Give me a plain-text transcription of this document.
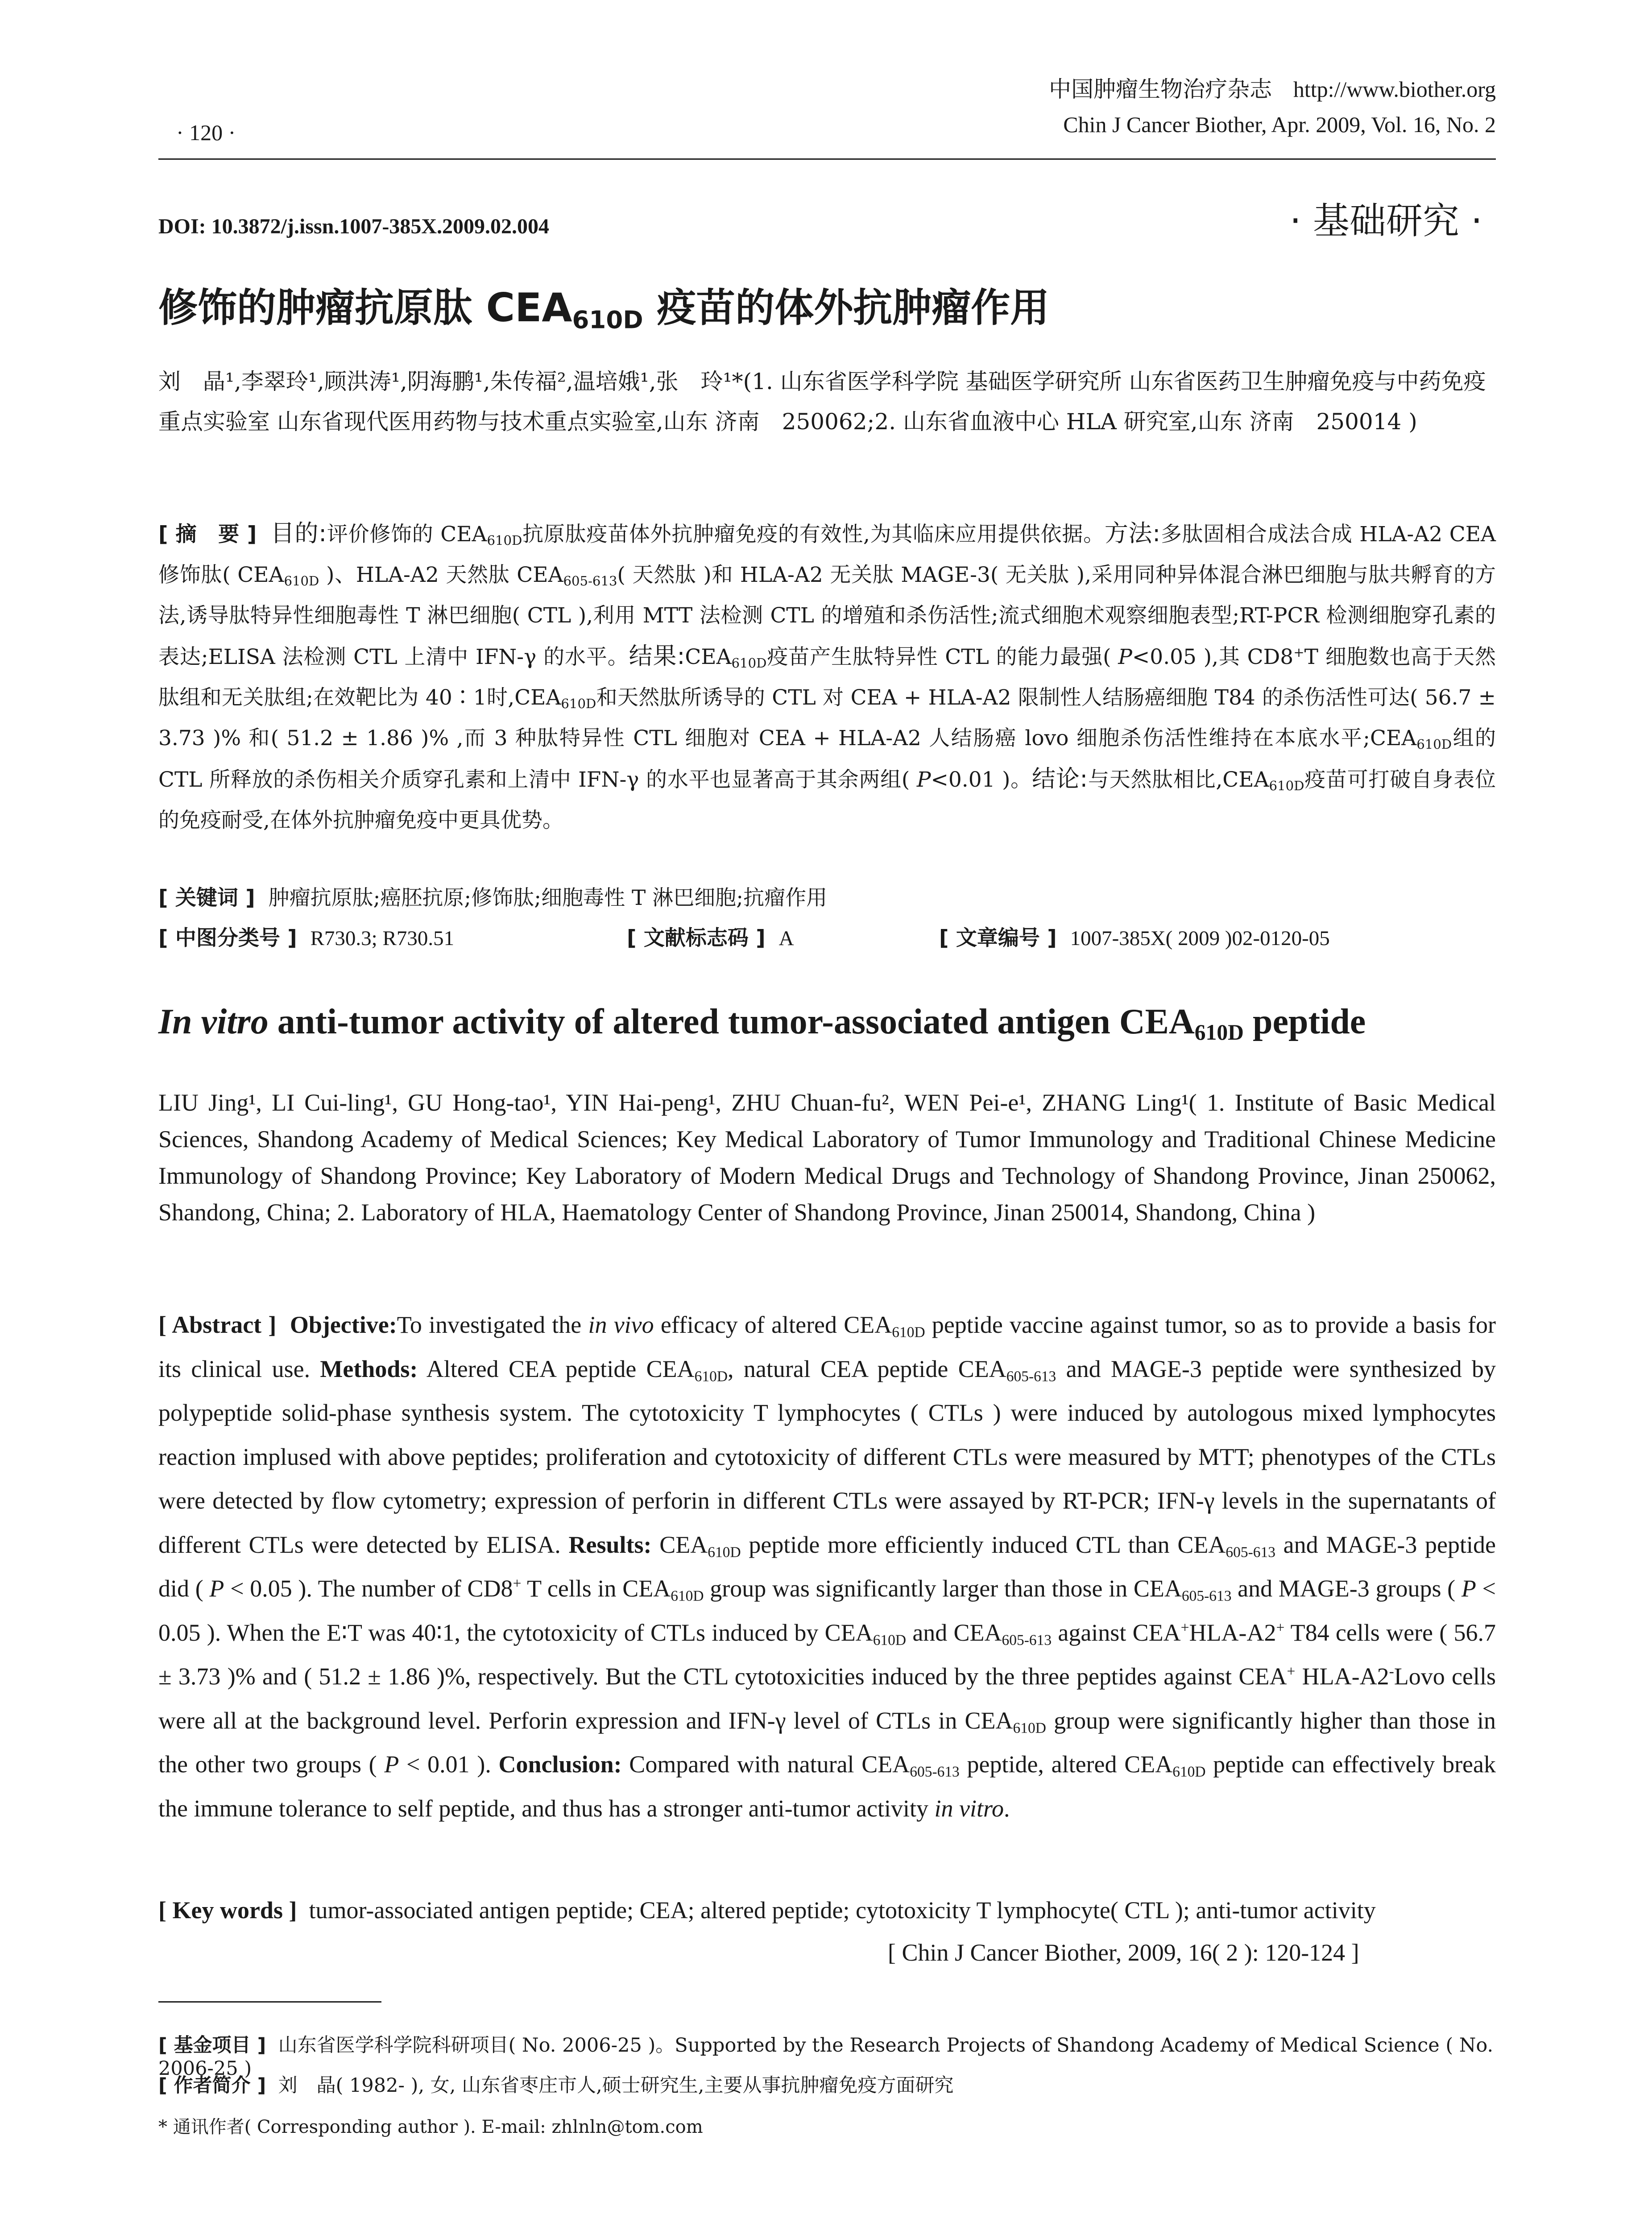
· 120 ·
中国肿瘤生物治疗杂志 http://www.biother.org
Chin J Cancer Biother, Apr. 2009, Vol. 16, No. 2
DOI: 10.3872/j.issn.1007-385X.2009.02.004	· 基础研究 ·
修饰的肿瘤抗原肽 $CEA_{610D}$ 疫苗的体外抗肿瘤作用
刘　晶¹,李翠玲¹,顾洪涛¹,阴海鹏¹,朱传福²,温培娥¹,张　玲¹*(1. 山东省医学科学院 基础医学研究所 山东省医药卫生肿瘤免疫与中药免疫重点实验室 山东省现代医用药物与技术重点实验室,山东 济南　250062;2. 山东省血液中心 HLA 研究室,山东 济南　250014 )
[ 摘　要 ] 目的:评价修饰的 $CEA_{610D}$抗原肽疫苗体外抗肿瘤免疫的有效性,为其临床应用提供依据。方法:多肽固相合成法合成 HLA-A2 CEA 修饰肽( $CEA_{610D}$ )、HLA-A2 天然肽 $CEA_{605-613}$( 天然肽 )和 HLA-A2 无关肽 MAGE-3( 无关肽 ),采用同种异体混合淋巴细胞与肽共孵育的方法,诱导肽特异性细胞毒性 T 淋巴细胞( CTL ),利用 MTT 法检测 CTL 的增殖和杀伤活性;流式细胞术观察细胞表型;RT-PCR 检测细胞穿孔素的表达;ELISA 法检测 CTL 上清中 IFN-γ 的水平。结果$:CEA_{610D}$疫苗产生肽特异性 CTL 的能力最强( P<0.05 ),其 CD8+T 细胞数也高于天然肽组和无关肽组;在效靶比为 40∶1时$,CEA_{610D}$和天然肽所诱导的 CTL 对 CEA + HLA-A2 限制性人结肠癌细胞 T84 的杀伤活性可达( 56.7 ± 3.73 )% 和( 51.2 ± 1.86 )% ,而 3 种肽特异性 CTL 细胞对 CEA + HLA-A2 人结肠癌 lovo 细胞杀伤活性维持在本底水平$;CEA_{610D}$组的 CTL 所释放的杀伤相关介质穿孔素和上清中 IFN-γ 的水平也显著高于其余两组( P<0.01 )。结论:与天然肽相比$,CEA_{610D}$疫苗可打破自身表位的免疫耐受,在体外抗肿瘤免疫中更具优势。
[ 关键词 ] 肿瘤抗原肽;癌胚抗原;修饰肽;细胞毒性 T 淋巴细胞;抗瘤作用
[ 中图分类号 ] R730.3; R730.51	[ 文献标志码 ] A	[ 文章编号 ] 1007-385X( 2009 )02-0120-05
In vitro anti-tumor activity of altered tumor-associated antigen $CEA_{610D}$ peptide
LIU Jing¹, LI Cui-ling¹, GU Hong-tao¹, YIN Hai-peng¹, ZHU Chuan-fu², WEN Pei-e¹, ZHANG Ling¹( 1. Institute of Basic Medical Sciences, Shandong Academy of Medical Sciences; Key Medical Laboratory of Tumor Immunology and Traditional Chinese Medicine Immunology of Shandong Province; Key Laboratory of Modern Medical Drugs and Technology of Shandong Province, Jinan 250062, Shandong, China; 2. Laboratory of HLA, Haematology Center of Shandong Province, Jinan 250014, Shandong, China )
[ Abstract ] Objective:To investigated the in vivo efficacy of altered $CEA_{610D}$ peptide vaccine against tumor, so as to provide a basis for its clinical use. Methods: Altered CEA peptide $CEA_{610D}$, natural CEA peptide $CEA_{605-613}$ and MAGE-3 peptide were synthesized by polypeptide solid-phase synthesis system. The cytotoxicity T lymphocytes ( CTLs ) were induced by autologous mixed lymphocytes reaction implused with above peptides; proliferation and cytotoxicity of different CTLs were measured by MTT; phenotypes of the CTLs were detected by flow cytometry; expression of perforin in different CTLs were assayed by RT-PCR; IFN-γ levels in the supernatants of different CTLs were detected by ELISA. Results: $CEA_{610D}$ peptide more efficiently induced CTL than $CEA_{605-613}$ and MAGE-3 peptide did ( P < 0.05 ). The number of CD8+ T cells in $CEA_{610D}$ group was significantly larger than those in $CEA_{605-613}$ and MAGE-3 groups ( P < 0.05 ). When the E∶T was 40∶1, the cytotoxicity of CTLs induced by $CEA_{610D}$ and $CEA_{605-613}$ against CEA+HLA-A2+ T84 cells were ( 56.7 ± 3.73 )% and ( 51.2 ± 1.86 )%, respectively. But the CTL cytotoxicities induced by the three peptides against CEA+ HLA-A2-Lovo cells were all at the background level. Perforin expression and IFN-γ level of CTLs in $CEA_{610D}$ group were significantly higher than those in the other two groups ( P < 0.01 ). Conclusion: Compared with natural $CEA_{605-613}$ peptide, altered $CEA_{610D}$ peptide can effectively break the immune tolerance to self peptide, and thus has a stronger anti-tumor activity in vitro.
[ Key words ] tumor-associated antigen peptide; CEA; altered peptide; cytotoxicity T lymphocyte( CTL ); anti-tumor activity
[ Chin J Cancer Biother, 2009, 16( 2 ): 120-124 ]
[ 基金项目 ] 山东省医学科学院科研项目( No. 2006-25 )。Supported by the Research Projects of Shandong Academy of Medical Science ( No. 2006-25 )
[ 作者简介 ] 刘　晶( 1982- ), 女, 山东省枣庄市人,硕士研究生,主要从事抗肿瘤免疫方面研究
* 通讯作者( Corresponding author ). E-mail: zhlnln@tom.com
